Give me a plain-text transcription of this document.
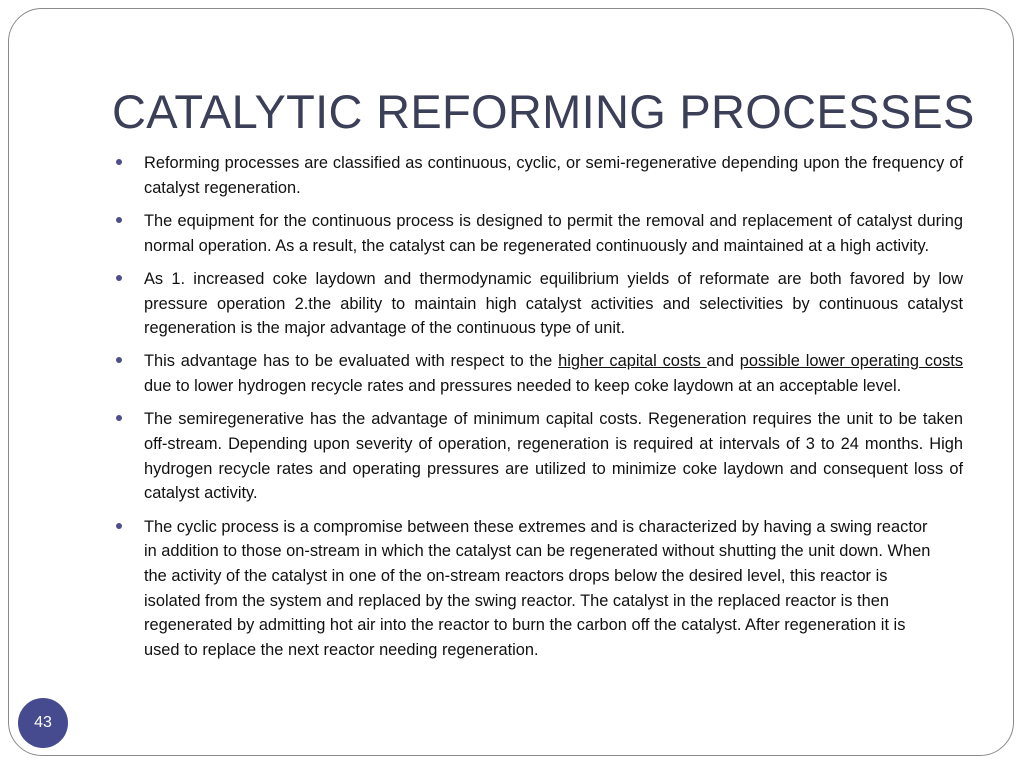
CATALYTIC REFORMING PROCESSES
Reforming processes are classified as continuous, cyclic, or semi-regenerative depending upon the frequency of catalyst regeneration.
The equipment for the continuous process is designed to permit the removal and replacement of catalyst during normal operation. As a result, the catalyst can be regenerated continuously and maintained at a high activity.
As 1. increased coke laydown and thermodynamic equilibrium yields of reformate are both favored by low pressure operation 2.the ability to maintain high catalyst activities and selectivities by continuous catalyst regeneration is the major advantage of the continuous type of unit.
This advantage has to be evaluated with respect to the higher capital costs and possible lower operating costs due to lower hydrogen recycle rates and pressures needed to keep coke laydown at an acceptable level.
The semiregenerative has the advantage of minimum capital costs. Regeneration requires the unit to be taken off-stream. Depending upon severity of operation, regeneration is required at intervals of 3 to 24 months. High hydrogen recycle rates and operating pressures are utilized to minimize coke laydown and consequent loss of catalyst activity.
The cyclic process is a compromise between these extremes and is characterized by having a swing reactor in addition to those on-stream in which the catalyst can be regenerated without shutting the unit down. When the activity of the catalyst in one of the on-stream reactors drops below the desired level, this reactor is isolated from the system and replaced by the swing reactor. The catalyst in the replaced reactor is then regenerated by admitting hot air into the reactor to burn the carbon off the catalyst. After regeneration it is used to replace the next reactor needing regeneration.
43
